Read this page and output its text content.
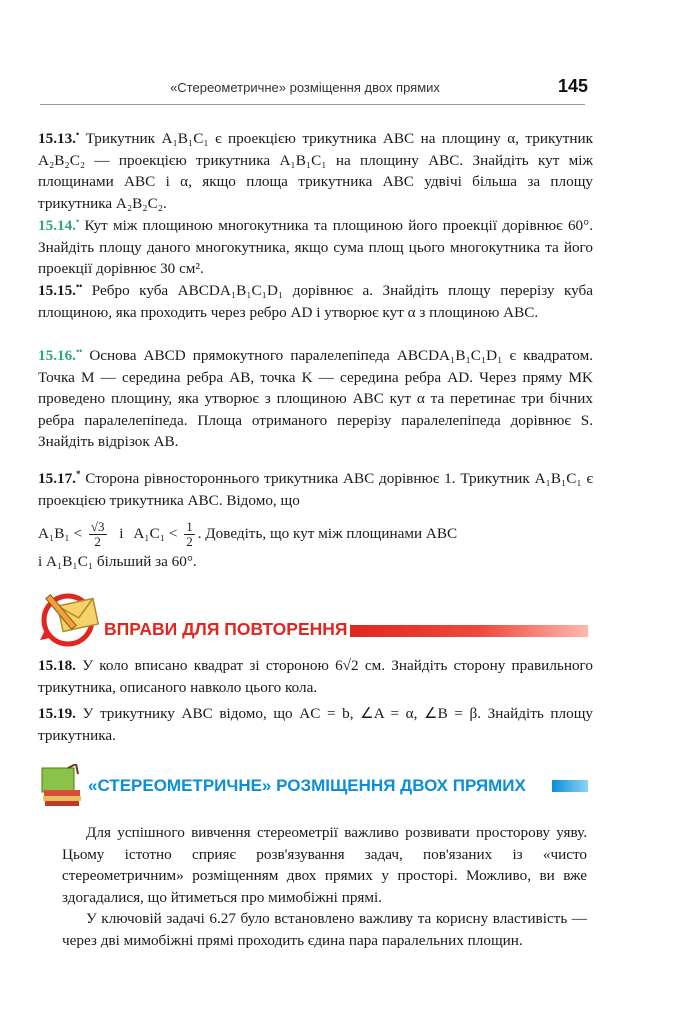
«Стереометричне» розміщення двох прямих	145
15.13.• Трикутник A₁B₁C₁ є проекцією трикутника ABC на площину α, трикутник A₂B₂C₂ — проекцією трикутника A₁B₁C₁ на площину ABC. Знайдіть кут між площинами ABC і α, якщо площа трикутника ABC удвічі більша за площу трикутника A₂B₂C₂.
15.14.• Кут між площиною многокутника та площиною його проекції дорівнює 60°. Знайдіть площу даного многокутника, якщо сума площ цього многокутника та його проекції дорівнює 30 см².
15.15.•• Ребро куба ABCDA₁B₁C₁D₁ дорівнює a. Знайдіть площу перерізу куба площиною, яка проходить через ребро AD і утворює кут α з площиною ABC.
15.16.•• Основа ABCD прямокутного паралелепіпеда ABCDA₁B₁C₁D₁ є квадратом. Точка M — середина ребра AB, точка K — середина ребра AD. Через пряму MK проведено площину, яка утворює з площиною ABC кут α та перетинає три бічних ребра паралелепіпеда. Площа отриманого перерізу паралелепіпеда дорівнює S. Знайдіть відрізок AB.
15.17.* Сторона рівностороннього трикутника ABC дорівнює 1. Трикутник A₁B₁C₁ є проекцією трикутника ABC. Відомо, що
$A_1B_1 < \frac{√3}{2}$ і $A_1C_1 < \frac{1}{2}$ . Доведіть, що кут між площинами ABC
і A₁B₁C₁ більший за 60°.
ВПРАВИ ДЛЯ ПОВТОРЕННЯ
15.18. У коло вписано квадрат зі стороною 6√2 см. Знайдіть сторону правильного трикутника, описаного навколо цього кола.
15.19. У трикутнику ABC відомо, що AC = b, ∠A = α, ∠B = β. Знайдіть площу трикутника.
«СТЕРЕОМЕТРИЧНЕ» РОЗМІЩЕННЯ ДВОХ ПРЯМИХ
Для успішного вивчення стереометрії важливо розвивати просторову уяву. Цьому істотно сприяє розв'язування задач, пов'язаних із «чисто стереометричним» розміщенням двох прямих у просторі. Можливо, ви вже здогадалися, що йтиметься про мимобіжні прямі.
У ключовій задачі 6.27 було встановлено важливу та корисну властивість — через дві мимобіжні прямі проходить єдина пара паралельних площин.
